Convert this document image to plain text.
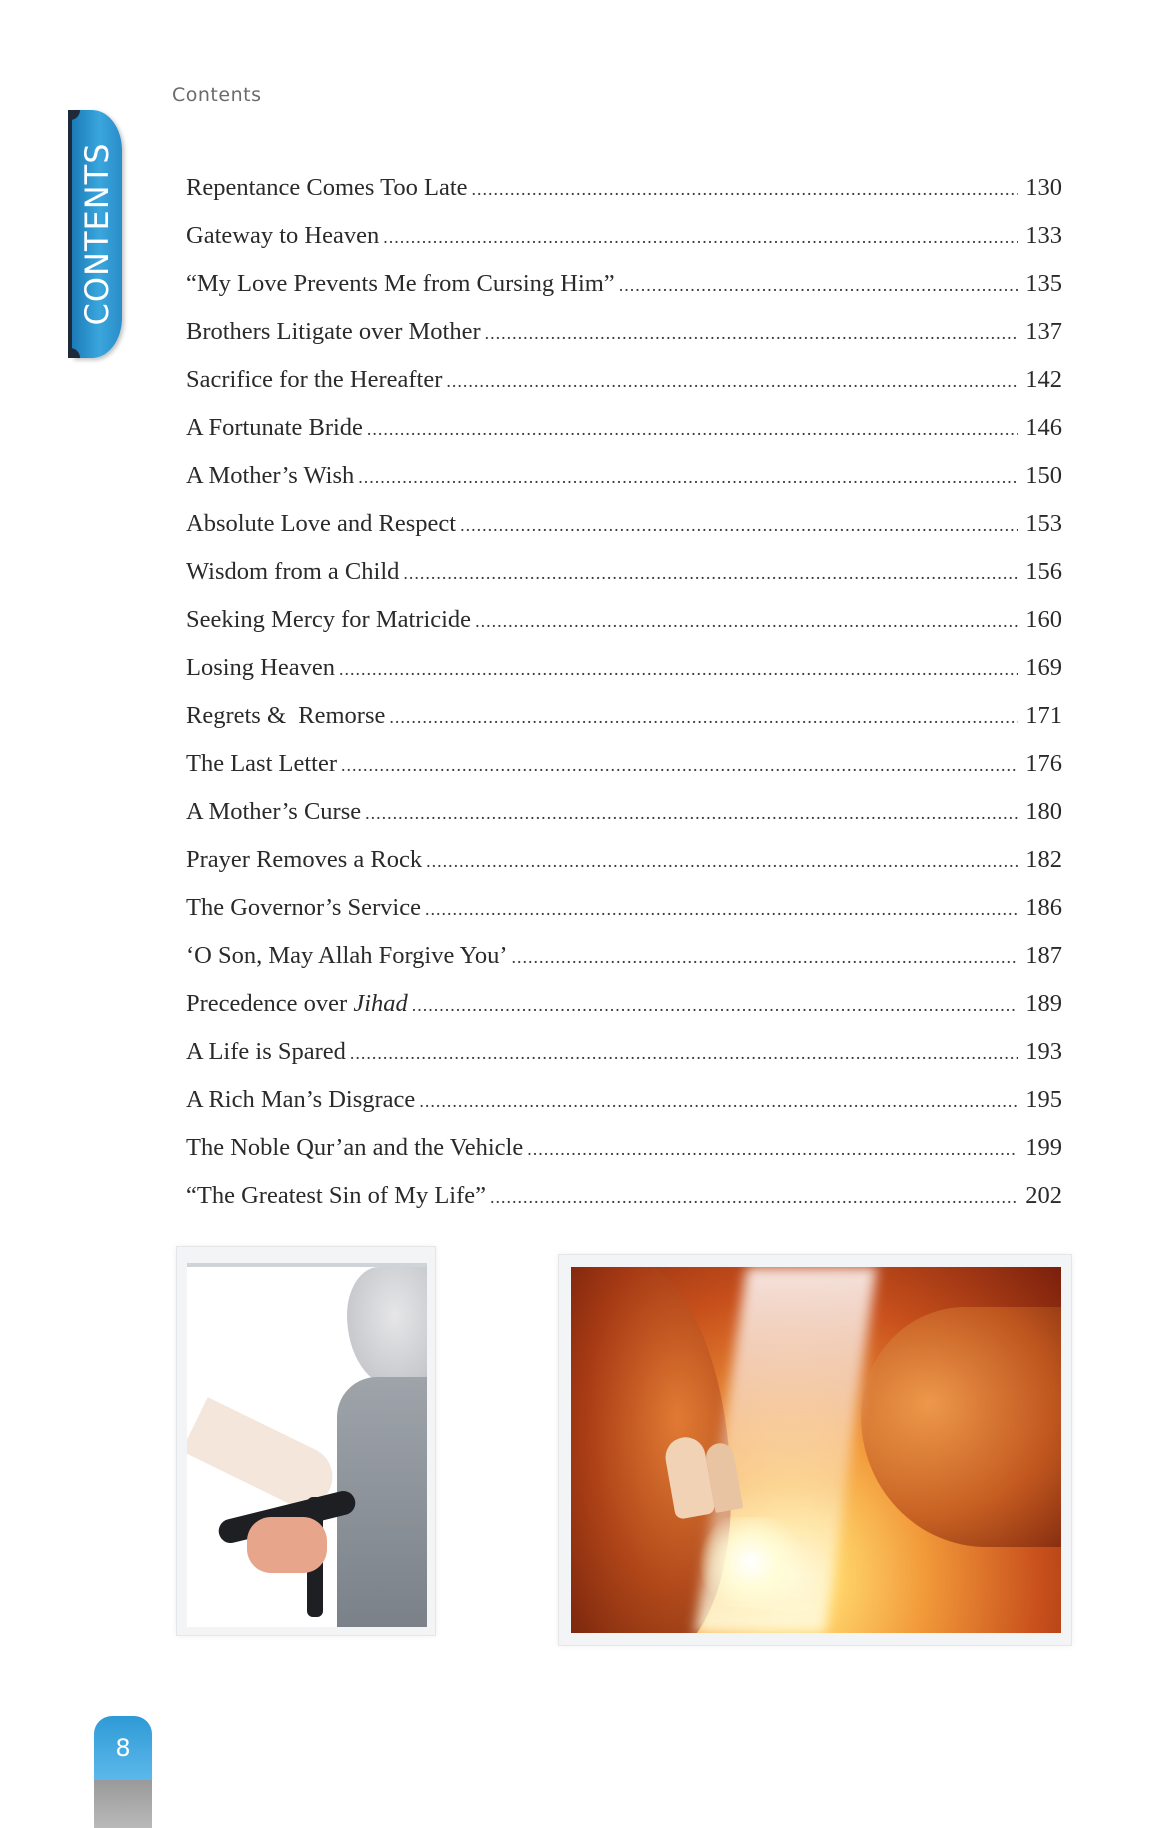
Contents
CONTENTS	Repentance Comes Too Late .....	130
Gateway to Heaven .....	133
“My Love Prevents Me from Cursing Him” .....	135
Brothers Litigate over Mother .....	137
Sacrifice for the Hereafter .....	142
A Fortunate Bride .....	146
A Mother’s Wish .....	150
Absolute Love and Respect .....	153
Wisdom from a Child .....	156
Seeking Mercy for Matricide .....	160
Losing Heaven .....	169
Regrets &  Remorse .....	171
The Last Letter .....	176
A Mother’s Curse .....	180
Prayer Removes a Rock .....	182
The Governor’s Service .....	186
‘O Son, May Allah Forgive You’ .....	187
Precedence over Jihad .....	189
A Life is Spared .....	193
A Rich Man’s Disgrace .....	195
The Noble Qur’an and the Vehicle .....	199
“The Greatest Sin of My Life” .....	202
8
